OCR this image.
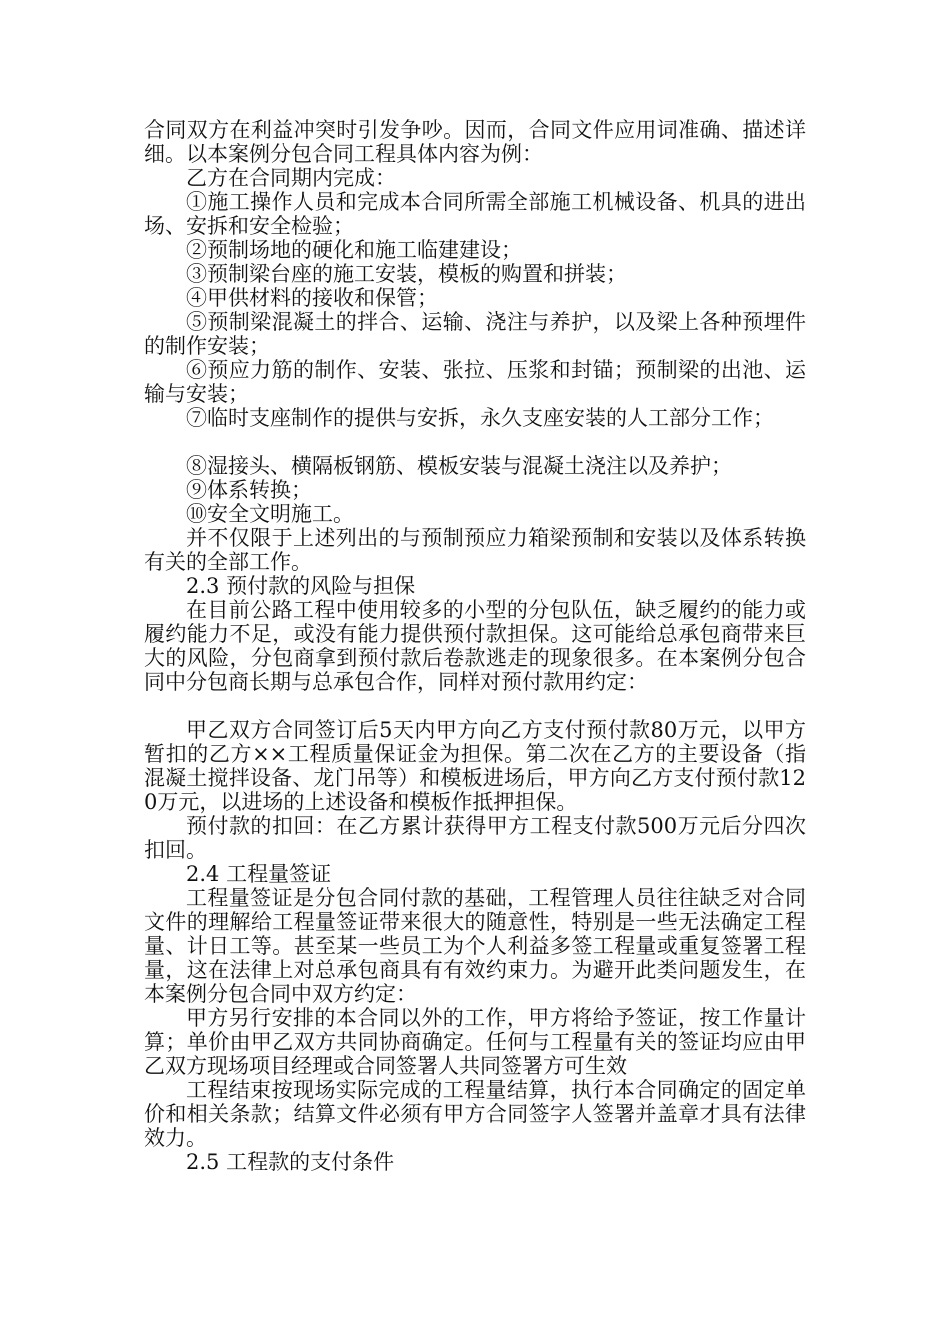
合同双方在利益冲突时引发争吵。因而，合同文件应用词准确、描述详细。以本案例分包合同工程具体内容为例：

乙方在合同期内完成：

①施工操作人员和完成本合同所需全部施工机械设备、机具的进出场、安拆和安全检验；

②预制场地的硬化和施工临建建设；

③预制梁台座的施工安装，模板的购置和拼装；

④甲供材料的接收和保管；

⑤预制梁混凝土的拌合、运输、浇注与养护，以及梁上各种预埋件的制作安装；

⑥预应力筋的制作、安装、张拉、压浆和封锚；预制梁的出池、运输与安装；

⑦临时支座制作的提供与安拆，永久支座安装的人工部分工作；

⑧湿接头、横隔板钢筋、模板安装与混凝土浇注以及养护；

⑨体系转换；

⑩安全文明施工。

并不仅限于上述列出的与预制预应力箱梁预制和安装以及体系转换有关的全部工作。

2.3 预付款的风险与担保

在目前公路工程中使用较多的小型的分包队伍，缺乏履约的能力或履约能力不足，或没有能力提供预付款担保。这可能给总承包商带来巨大的风险，分包商拿到预付款后卷款逃走的现象很多。在本案例分包合同中分包商长期与总承包合作，同样对预付款用约定：

甲乙双方合同签订后5天内甲方向乙方支付预付款80万元，以甲方暂扣的乙方××工程质量保证金为担保。第二次在乙方的主要设备（指混凝土搅拌设备、龙门吊等）和模板进场后，甲方向乙方支付预付款120万元，以进场的上述设备和模板作抵押担保。

预付款的扣回：在乙方累计获得甲方工程支付款500万元后分四次扣回。

2.4 工程量签证

工程量签证是分包合同付款的基础，工程管理人员往往缺乏对合同文件的理解给工程量签证带来很大的随意性，特别是一些无法确定工程量、计日工等。甚至某一些员工为个人利益多签工程量或重复签署工程量，这在法律上对总承包商具有有效约束力。为避开此类问题发生，在本案例分包合同中双方约定：

甲方另行安排的本合同以外的工作，甲方将给予签证，按工作量计算；单价由甲乙双方共同协商确定。任何与工程量有关的签证均应由甲乙双方现场项目经理或合同签署人共同签署方可生效

工程结束按现场实际完成的工程量结算，执行本合同确定的固定单价和相关条款；结算文件必须有甲方合同签字人签署并盖章才具有法律效力。

2.5 工程款的支付条件
